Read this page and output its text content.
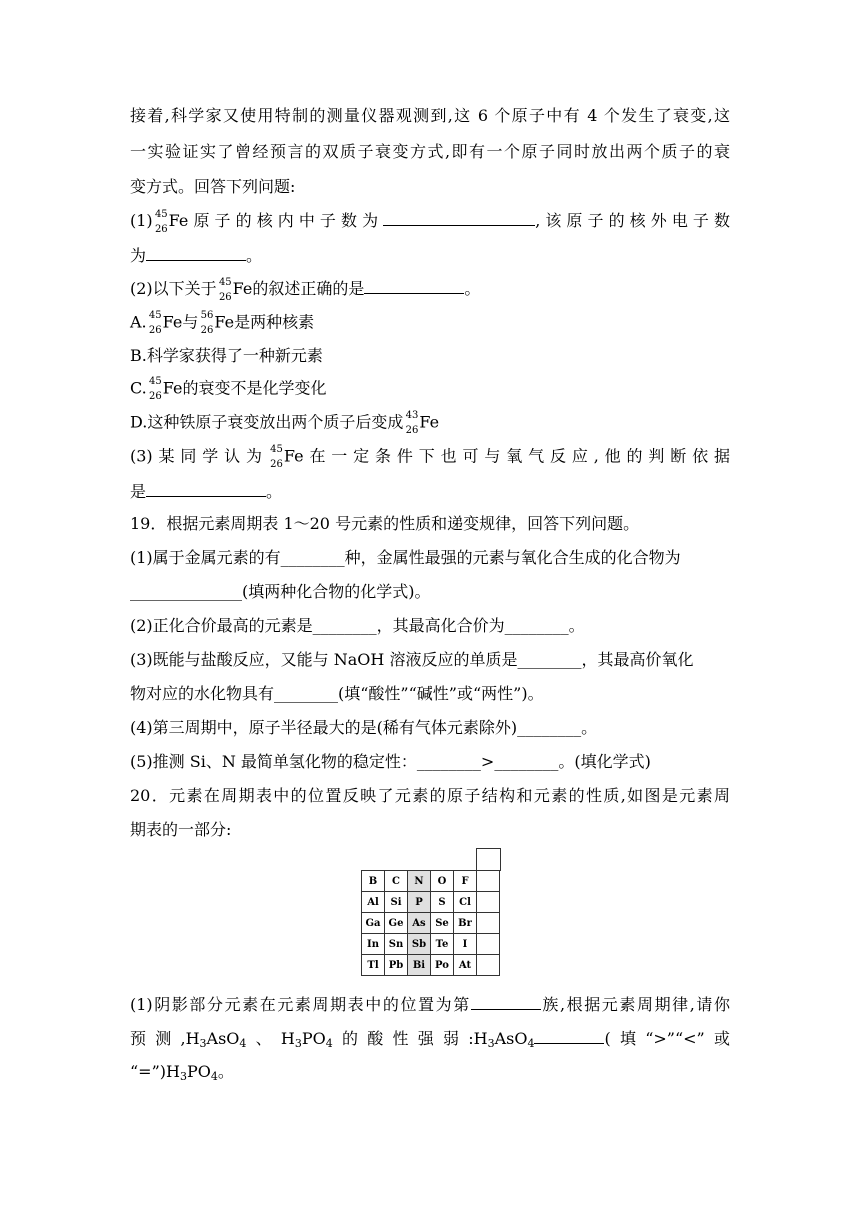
接着,科学家又使用特制的测量仪器观测到,这 6 个原子中有 4 个发生了衰变,这
一实验证实了曾经预言的双质子衰变方式,即有一个原子同时放出两个质子的衰
变方式。回答下列问题:
(1) 45
26 Fe原子的核内中子数为	,该原子的核外电子数
为	。
(2)以下关于 45
26 Fe的叙述正确的是	。
A. 45
26 Fe与 56
26 Fe是两种核素
B.科学家获得了一种新元素
C. 45
26 Fe的衰变不是化学变化
D.这种铁原子衰变放出两个质子后变成 43
26 Fe
(3)某同学认为 45
26 Fe在一定条件下也可与氧气反应,他的判断依据
是	。
19．根据元素周期表 1～20 号元素的性质和递变规律，回答下列问题。
(1)属于金属元素的有________种，金属性最强的元素与氧化合生成的化合物为
______________(填两种化合物的化学式)。
(2)正化合价最高的元素是________，其最高化合价为________。
(3)既能与盐酸反应，又能与 NaOH 溶液反应的单质是________，其最高价氧化
物对应的水化物具有________(填“酸性”“碱性”或“两性”)。
(4)第三周期中，原子半径最大的是(稀有气体元素除外)________。
(5)推测 Si、N 最简单氢化物的稳定性：________>________。(填化学式)
20．元素在周期表中的位置反映了元素的原子结构和元素的性质,如图是元素周
期表的一部分:
B	C	N	O	F	
Al	Si	P	S	Cl	
Ga	Ge	As	Se	Br	
In	Sn	Sb	Te	I	
Tl	Pb	Bi	Po	At	
(1)阴影部分元素在元素周期表中的位置为第	族,根据元素周期律,请你
预测$,H_3AsO_4$、$H_3PO_4$的酸性强弱$:H_3AsO_4$	(填“>”“<”或
“$=”)H_3PO_4$。
